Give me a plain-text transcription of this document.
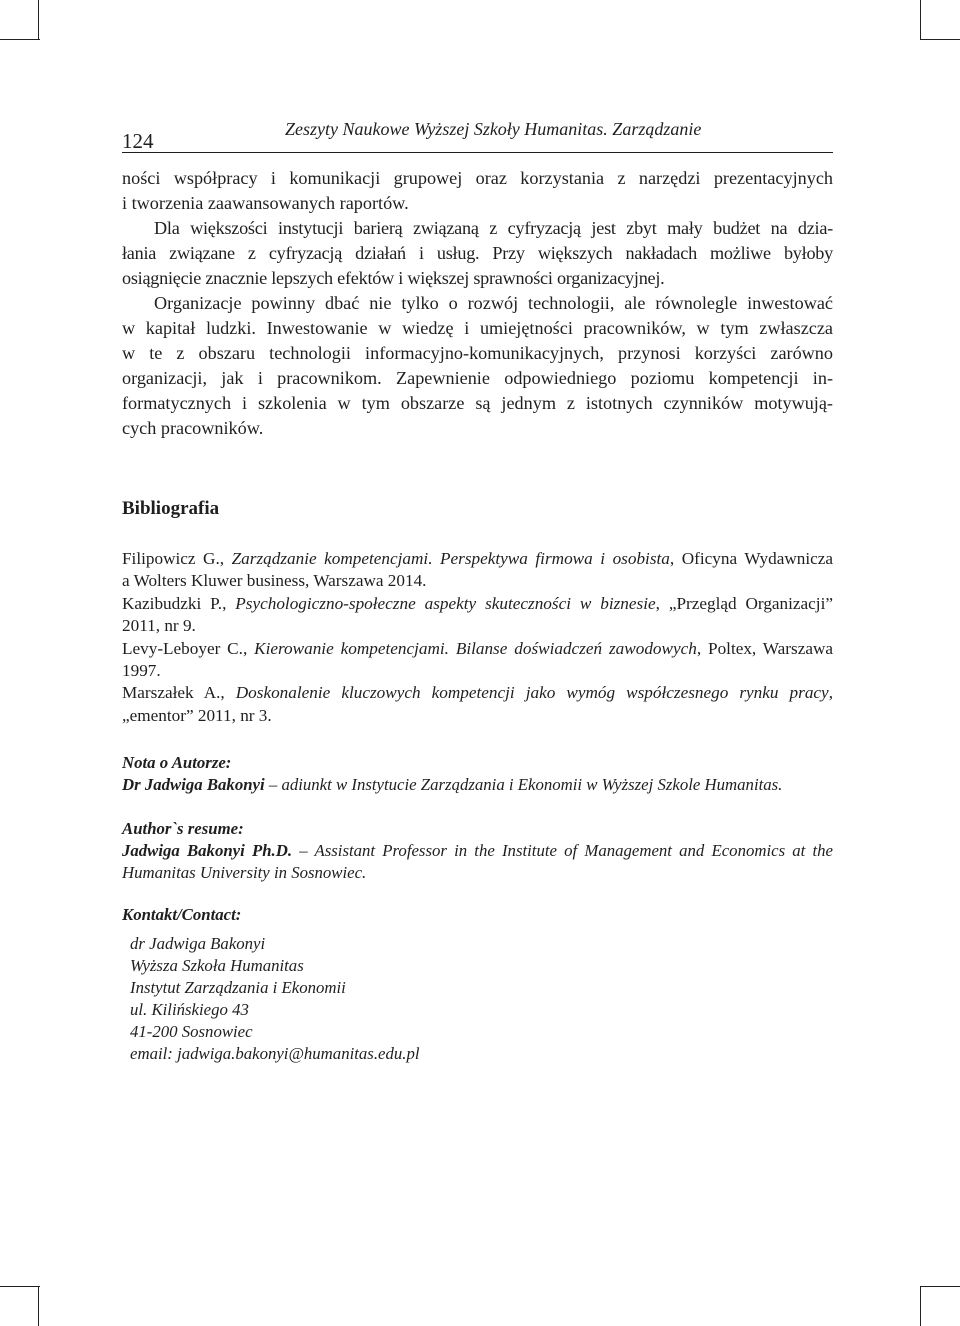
124	Zeszyty Naukowe Wyższej Szkoły Humanitas. Zarządzanie

ności współpracy i komunikacji grupowej oraz korzystania z narzędzi prezentacyjnych
i tworzenia zaawansowanych raportów.

Dla większości instytucji barierą związaną z cyfryzacją jest zbyt mały budżet na dzia-
łania związane z cyfryzacją działań i usług. Przy większych nakładach możliwe byłoby
osiągnięcie znacznie lepszych efektów i większej sprawności organizacyjnej.

Organizacje powinny dbać nie tylko o rozwój technologii, ale równolegle inwestować
w kapitał ludzki. Inwestowanie w wiedzę i umiejętności pracowników, w tym zwłaszcza
w te z obszaru technologii informacyjno-komunikacyjnych, przynosi korzyści zarówno
organizacji, jak i pracownikom. Zapewnienie odpowiedniego poziomu kompetencji in-
formatycznych i szkolenia w tym obszarze są jednym z istotnych czynników motywują-
cych pracowników.

Bibliografia

Filipowicz G., Zarządzanie kompetencjami. Perspektywa firmowa i osobista, Oficyna Wydawnicza
a Wolters Kluwer business, Warszawa 2014.

Kazibudzki P., Psychologiczno-społeczne aspekty skuteczności w biznesie, „Przegląd Organizacji”
2011, nr 9.

Levy-Leboyer C., Kierowanie kompetencjami. Bilanse doświadczeń zawodowych, Poltex, Warszawa
1997.

Marszałek A., Doskonalenie kluczowych kompetencji jako wymóg współczesnego rynku pracy,
„ementor” 2011, nr 3.

Nota o Autorze:

Dr Jadwiga Bakonyi – adiunkt w Instytucie Zarządzania i Ekonomii w Wyższej Szkole Humanitas.

Author`s resume:

Jadwiga Bakonyi Ph.D. – Assistant Professor in the Institute of Management and Economics at the
Humanitas University in Sosnowiec.

Kontakt/Contact:

dr Jadwiga Bakonyi
Wyższa Szkoła Humanitas
Instytut Zarządzania i Ekonomii
ul. Kilińskiego 43
41-200 Sosnowiec
email: jadwiga.bakonyi@humanitas.edu.pl
